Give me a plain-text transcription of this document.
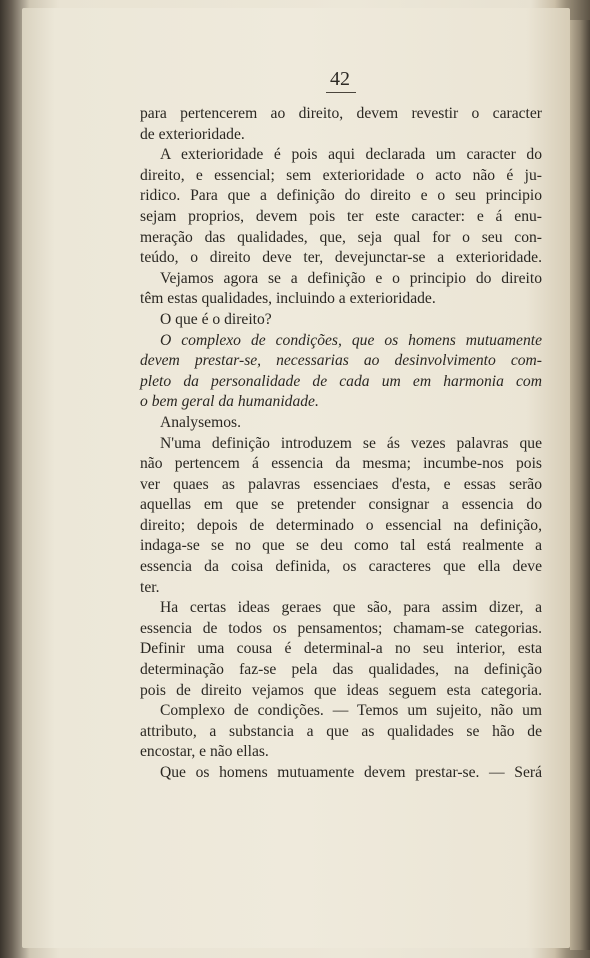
42
para pertencerem ao direito, devem revestir o caracter
de exterioridade.
A exterioridade é pois aqui declarada um caracter do
direito, e essencial; sem exterioridade o acto não é ju-
ridico. Para que a definição do direito e o seu principio
sejam proprios, devem pois ter este caracter: e á enu-
meração das qualidades, que, seja qual for o seu con-
teúdo, o direito deve ter, devejunctar-se a exterioridade.
Vejamos agora se a definição e o principio do direito
têm estas qualidades, incluindo a exterioridade.
O que é o direito?
O complexo de condições, que os homens mutuamente
devem prestar-se, necessarias ao desinvolvimento com-
pleto da personalidade de cada um em harmonia com
o bem geral da humanidade.
Analysemos.
N'uma definição introduzem se ás vezes palavras que
não pertencem á essencia da mesma; incumbe-nos pois
ver quaes as palavras essenciaes d'esta, e essas serão
aquellas em que se pretender consignar a essencia do
direito; depois de determinado o essencial na definição,
indaga-se se no que se deu como tal está realmente a
essencia da coisa definida, os caracteres que ella deve
ter.
Ha certas ideas geraes que são, para assim dizer, a
essencia de todos os pensamentos; chamam-se categorias.
Definir uma cousa é determinal-a no seu interior, esta
determinação faz-se pela das qualidades, na definição
pois de direito vejamos que ideas seguem esta categoria.
Complexo de condições. — Temos um sujeito, não um
attributo, a substancia a que as qualidades se hão de
encostar, e não ellas.
Que os homens mutuamente devem prestar-se. — Será
